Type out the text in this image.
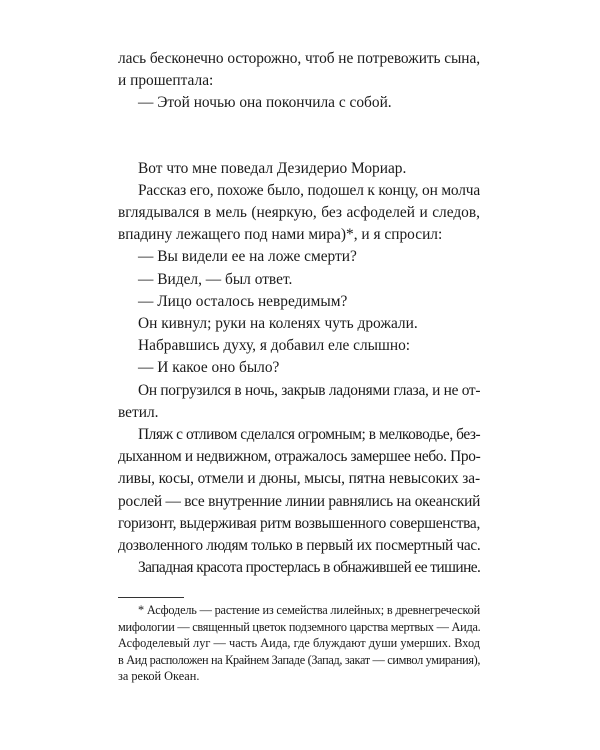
лась бесконечно осторожно, чтоб не потревожить сына,
и прошептала:
— Этой ночью она покончила с собой.
Вот что мне поведал Дезидерио Мориар.
Рассказ его, похоже было, подошел к концу, он молча
вглядывался в мель (неяркую, без асфоделей и следов,
впадину лежащего под нами мира)*, и я спросил:
— Вы видели ее на ложе смерти?
— Видел, — был ответ.
— Лицо осталось невредимым?
Он кивнул; руки на коленях чуть дрожали.
Набравшись духу, я добавил еле слышно:
— И какое оно было?
Он погрузился в ночь, закрыв ладонями глаза, и не от-
ветил.
Пляж с отливом сделался огромным; в мелководье, без-
дыханном и недвижном, отражалось замершее небо. Про-
ливы, косы, отмели и дюны, мысы, пятна невысоких за-
рослей — все внутренние линии равнялись на океанский
горизонт, выдерживая ритм возвышенного совершенства,
дозволенного людям только в первый их посмертный час.
Западная красота простерлась в обнажившей ее тишине.
* Асфодель — растение из семейства лилейных; в древнегреческой
мифологии — священный цветок подземного царства мертвых — Аида.
Асфоделевый луг — часть Аида, где блуждают души умерших. Вход
в Аид расположен на Крайнем Западе (Запад, закат — символ умирания),
за рекой Океан.
